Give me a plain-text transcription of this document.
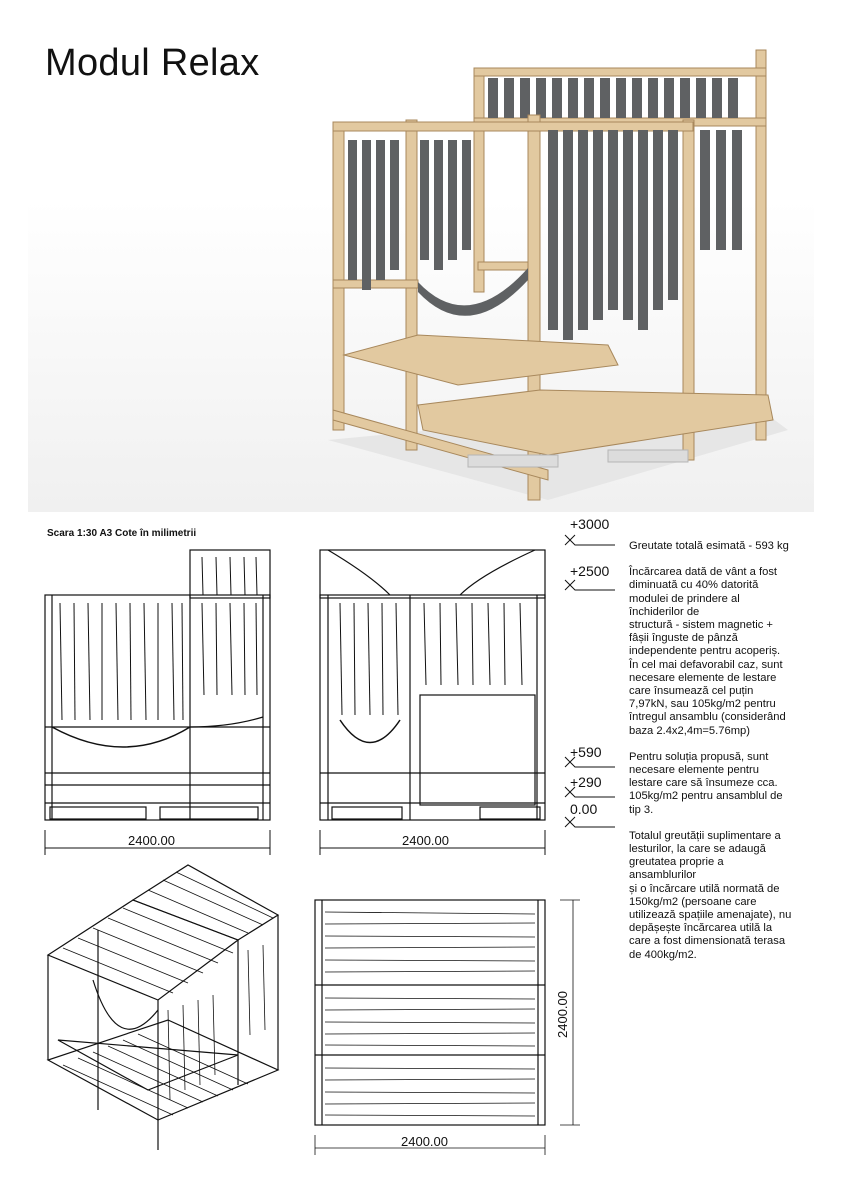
Modul Relax
Scara 1:30 A3 Cote în milimetrii
2400.00	2400.00
+3000
+2500
+590
+290
0.00
2400.00
2400.00

Greutate totală esimată - 593 kg

Încărcarea dată de vânt a fost
diminuată cu 40% datorită
modulei de prindere al
închiderilor de
structură - sistem magnetic +
fâșii înguste de pânză
independente pentru acoperiș.
În cel mai defavorabil caz, sunt
necesare elemente de lestare
care însumează cel puțin
7,97kN, sau 105kg/m2 pentru
întregul ansamblu (considerând
baza 2.4x2,4m=5.76mp)

Pentru soluția propusă, sunt
necesare elemente pentru
lestare care să însumeze cca.
105kg/m2 pentru ansamblul de
tip 3.

Totalul greutății suplimentare a
lesturilor, la care se adaugă
greutatea proprie a
ansamblurilor
și o încărcare utilă normată de
150kg/m2 (persoane care
utilizează spațiile amenajate), nu
depășește încărcarea utilă la
care a fost dimensionată terasa
de 400kg/m2.
